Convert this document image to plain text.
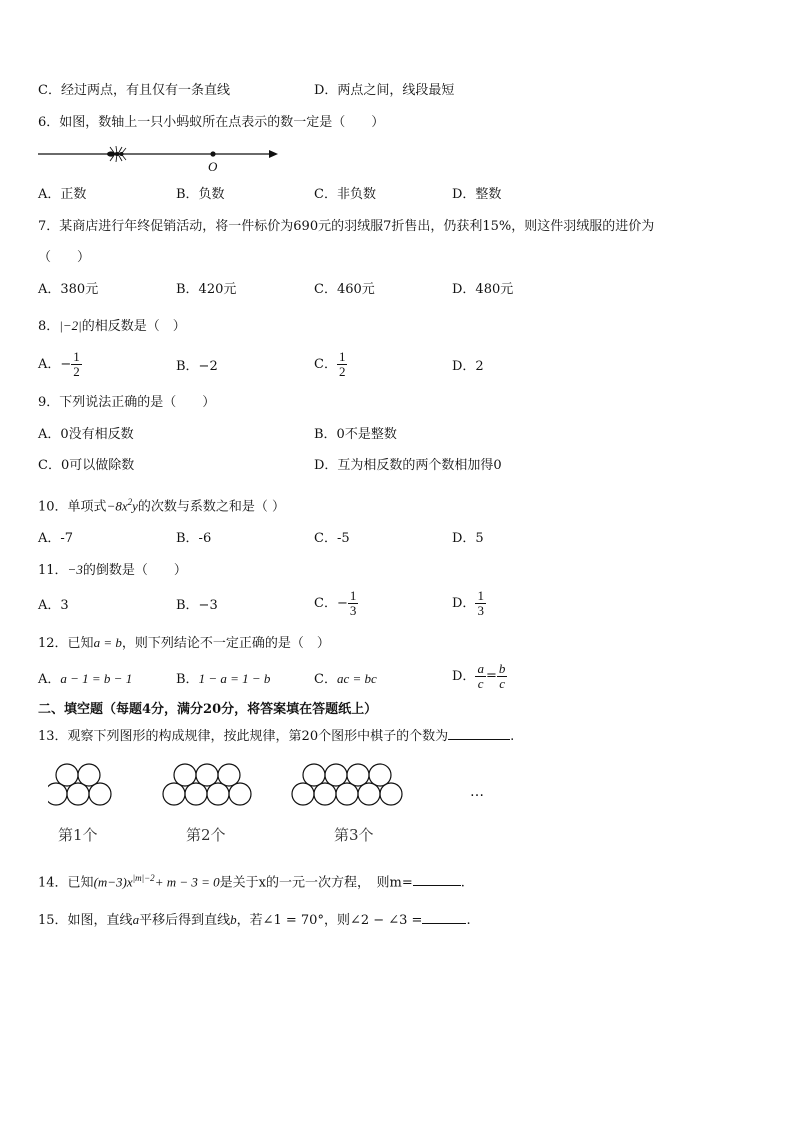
C．经过两点，有且仅有一条直线	D．两点之间，线段最短
6．如图，数轴上一只小蚂蚁所在点表示的数一定是（　　）
O
A．正数	B．负数	C．非负数	D．整数
7．某商店进行年终促销活动，将一件标价为690元的羽绒服7折售出，仍获利15%，则这件羽绒服的进价为
（　　）
A．380元	B．420元	C．460元	D．480元
8．|−2|的相反数是（　）
A．− $\frac{1}{2}$	B．−2	C． $\frac{1}{2}$	D．2
9．下列说法正确的是（　　）
A．0没有相反数	B．0不是整数
C．0可以做除数	D．互为相反数的两个数相加得0
10．单项式$-8x^2y$的次数与系数之和是（ ）
A．-7	B．-6	C．-5	D．5
11．−3的倒数是（　　）
A．3	B．−3	C．− $\frac{1}{3}$	D． $\frac{1}{3}$
12．已知a = b，则下列结论不一定正确的是（　）
A．a − 1 = b − 1	B．1 − a = 1 − b	C．ac = bc	D． $\frac{a}{c} = \frac{b}{c}$
二、填空题（每题4分，满分20分，将答案填在答题纸上）
13．观察下列图形的构成规律，按此规律，第20个图形中棋子的个数为	.
第1个	第2个	第3个
…
14．已知$(m-3)x^{|m|-2}+ m - 3 = 0$是关于x的一元一次方程，　则m=	.
15．如图，直线a平移后得到直线b，若∠1 = 70°，则∠2 − ∠3 =	.
